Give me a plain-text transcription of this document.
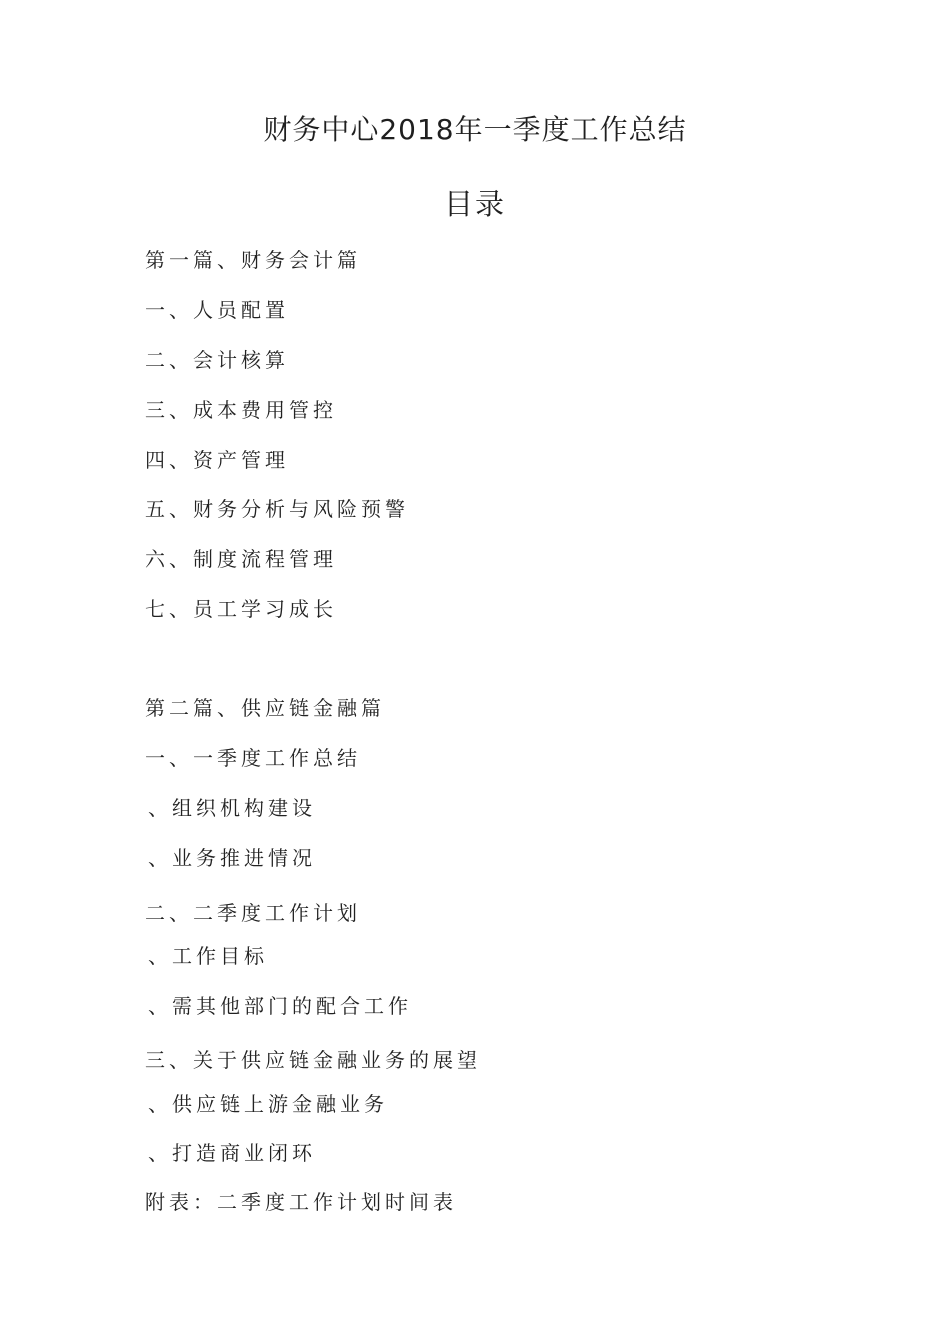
财务中心2018年一季度工作总结
目录
第一篇、财务会计篇
一、人员配置
二、会计核算
三、成本费用管控
四、资产管理
五、财务分析与风险预警
六、制度流程管理
七、员工学习成长
第二篇、供应链金融篇
一、一季度工作总结
、组织机构建设
、业务推进情况
二、二季度工作计划
、工作目标
、需其他部门的配合工作
三、关于供应链金融业务的展望
、供应链上游金融业务
、打造商业闭环
附表：二季度工作计划时间表
